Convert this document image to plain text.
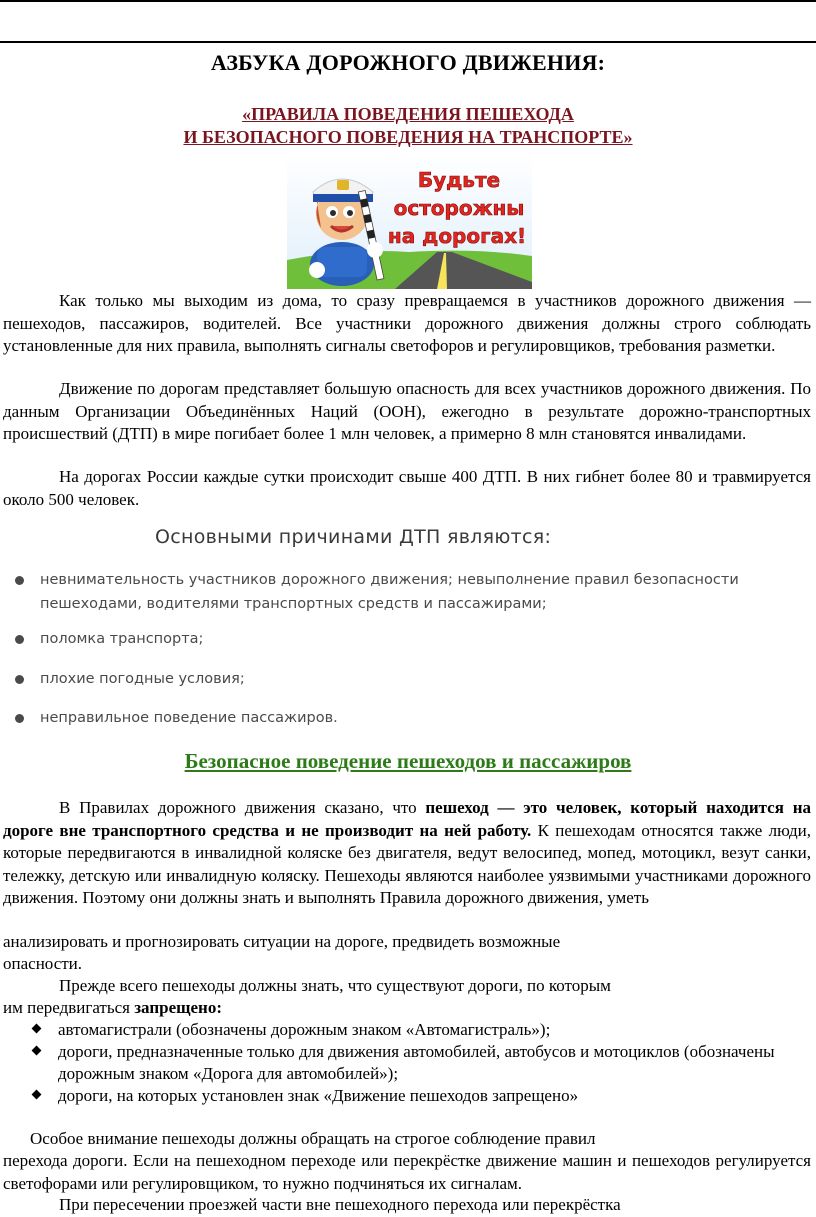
АЗБУКА ДОРОЖНОГО ДВИЖЕНИЯ:
«ПРАВИЛА ПОВЕДЕНИЯ ПЕШЕХОДА
И БЕЗОПАСНОГО ПОВЕДЕНИЯ НА ТРАНСПОРТЕ»
Будьте
осторожны
на дорогах!

Как только мы выходим из дома, то сразу превращаемся в участников дорожного движения — пешеходов, пассажиров, водителей. Все участники дорожного движения должны строго соблюдать установленные для них правила, выполнять сигналы светофоров и регулировщиков, требования разметки.

Движение по дорогам представляет большую опасность для всех участников дорожного движения. По данным Организации Объединённых Наций (ООН), ежегодно в результате дорожно-транспортных происшествий (ДТП) в мире погибает более 1 млн человек, а примерно 8 млн становятся инвалидами.

На дорогах России каждые сутки происходит свыше 400 ДТП. В них гибнет более 80 и травмируется около 500 человек.

Основными причинами ДТП являются:
невнимательность участников дорожного движения; невыполнение правил безопасности пешеходами, водителями транспортных средств и пассажирами;
поломка транспорта;
плохие погодные условия;
неправильное поведение пассажиров.
Безопасное поведение пешеходов и пассажиров

В Правилах дорожного движения сказано, что пешеход — это человек, который находится на дороге вне транспортного средства и не производит на ней работу. К пешеходам относятся также люди, которые передвигаются в инвалидной коляске без двигателя, ведут велосипед, мопед, мотоцикл, везут санки, тележку, детскую или инвалидную коляску. Пешеходы являются наиболее уязвимыми участниками дорожного движения. Поэтому они должны знать и выполнять Правила дорожного движения, уметь

анализировать и прогнозировать ситуации на дороге, предвидеть возможные
опасности.
Прежде всего пешеходы должны знать, что существуют дороги, по которым
им передвигаться запрещено:
автомагистрали (обозначены дорожным знаком «Автомагистраль»);
дороги, предназначенные только для движения автомобилей, автобусов и мотоциклов (обозначены дорожным знаком «Дорога для автомобилей»);
дороги, на которых установлен знак «Движение пешеходов запрещено»
Особое внимание пешеходы должны обращать на строгое соблюдение правил

перехода дороги. Если на пешеходном переходе или перекрёстке движение машин и пешеходов регулируется светофорами или регулировщиком, то нужно подчиняться их сигналам.

При пересечении проезжей части вне пешеходного перехода или перекрёстка
